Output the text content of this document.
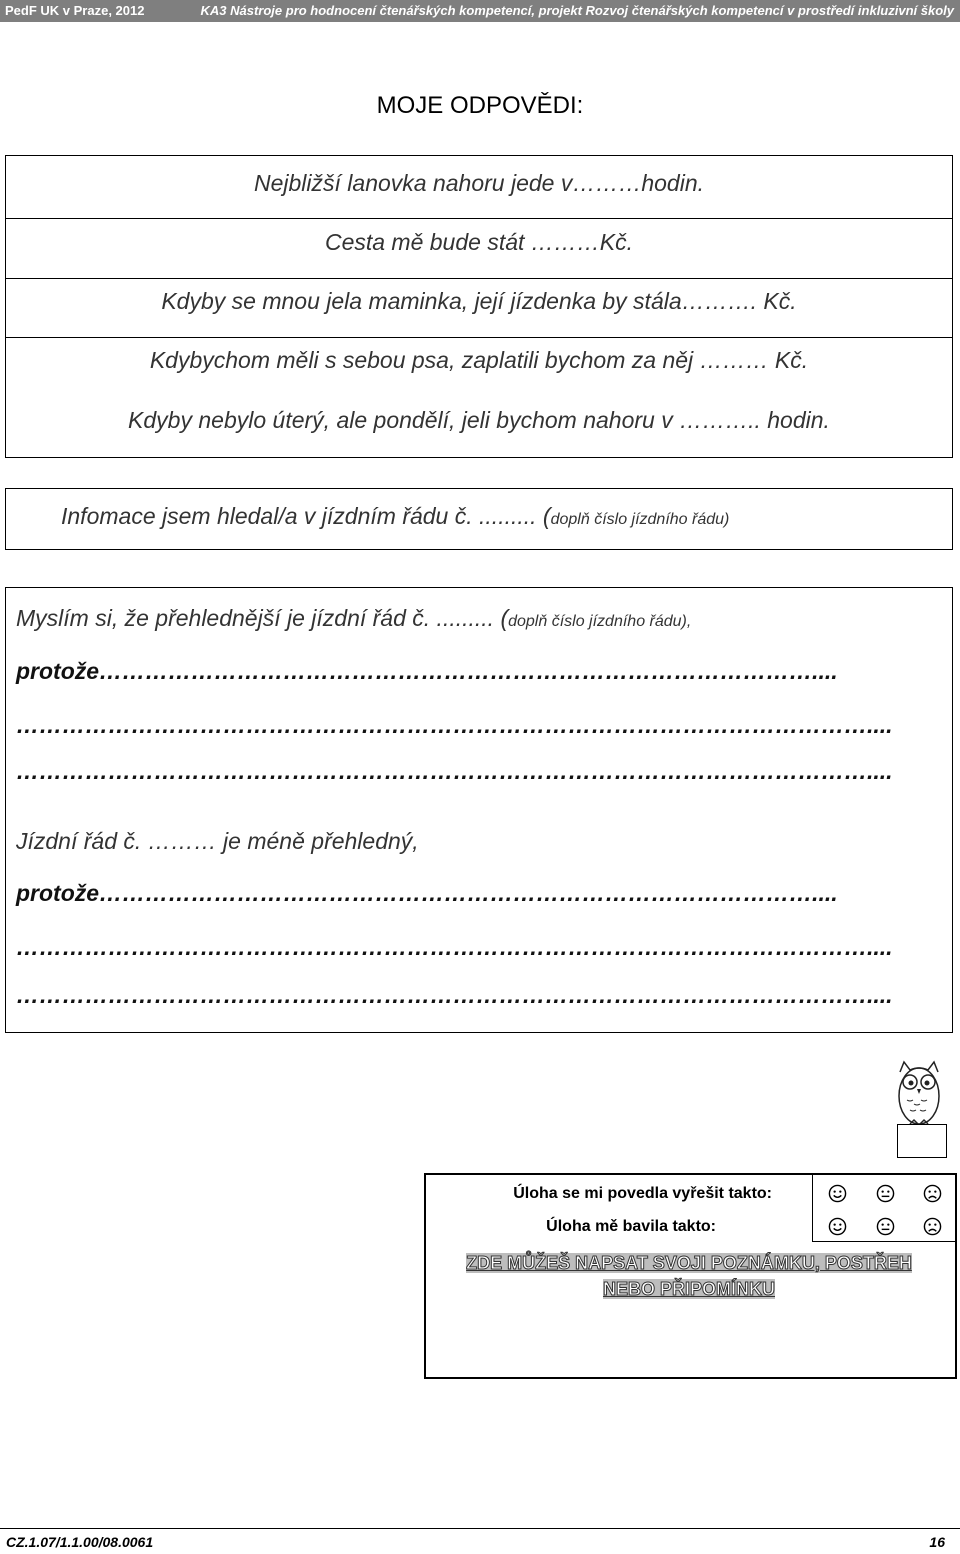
PedF UK v Praze, 2012	KA3 Nástroje pro hodnocení čtenářských kompetencí, projekt Rozvoj čtenářských kompetencí v prostředí inkluzivní školy
MOJE ODPOVĚDI:
Nejbližší lanovka nahoru jede v………hodin.
Cesta mě bude stát ………Kč.
Kdyby se mnou jela maminka, její jízdenka by stála………. Kč.
Kdybychom měli s sebou psa, zaplatili bychom za něj ……… Kč.
Kdyby nebylo úterý, ale pondělí, jeli bychom nahoru v ……….. hodin.
Infomace jsem hledal/a v jízdním řádu č. ......... (doplň číslo jízdního řádu)
Myslím si, že přehlednější je jízdní řád č. ......... (doplň číslo jízdního řádu),
protože…………………………………………………………………………………....
…………………………………………………………………………………………………....
…………………………………………………………………………………………………....
Jízdní řád č. ……… je méně přehledný,
protože…………………………………………………………………………………....
…………………………………………………………………………………………………....
…………………………………………………………………………………………………....
Úloha se mi povedla vyřešit takto:
Úloha mě bavila takto:
ZDE MŮŽEŠ NAPSAT SVOJI POZNÁMKU, POSTŘEH
NEBO PŘIPOMÍNKU
CZ.1.07/1.1.00/08.0061	16
